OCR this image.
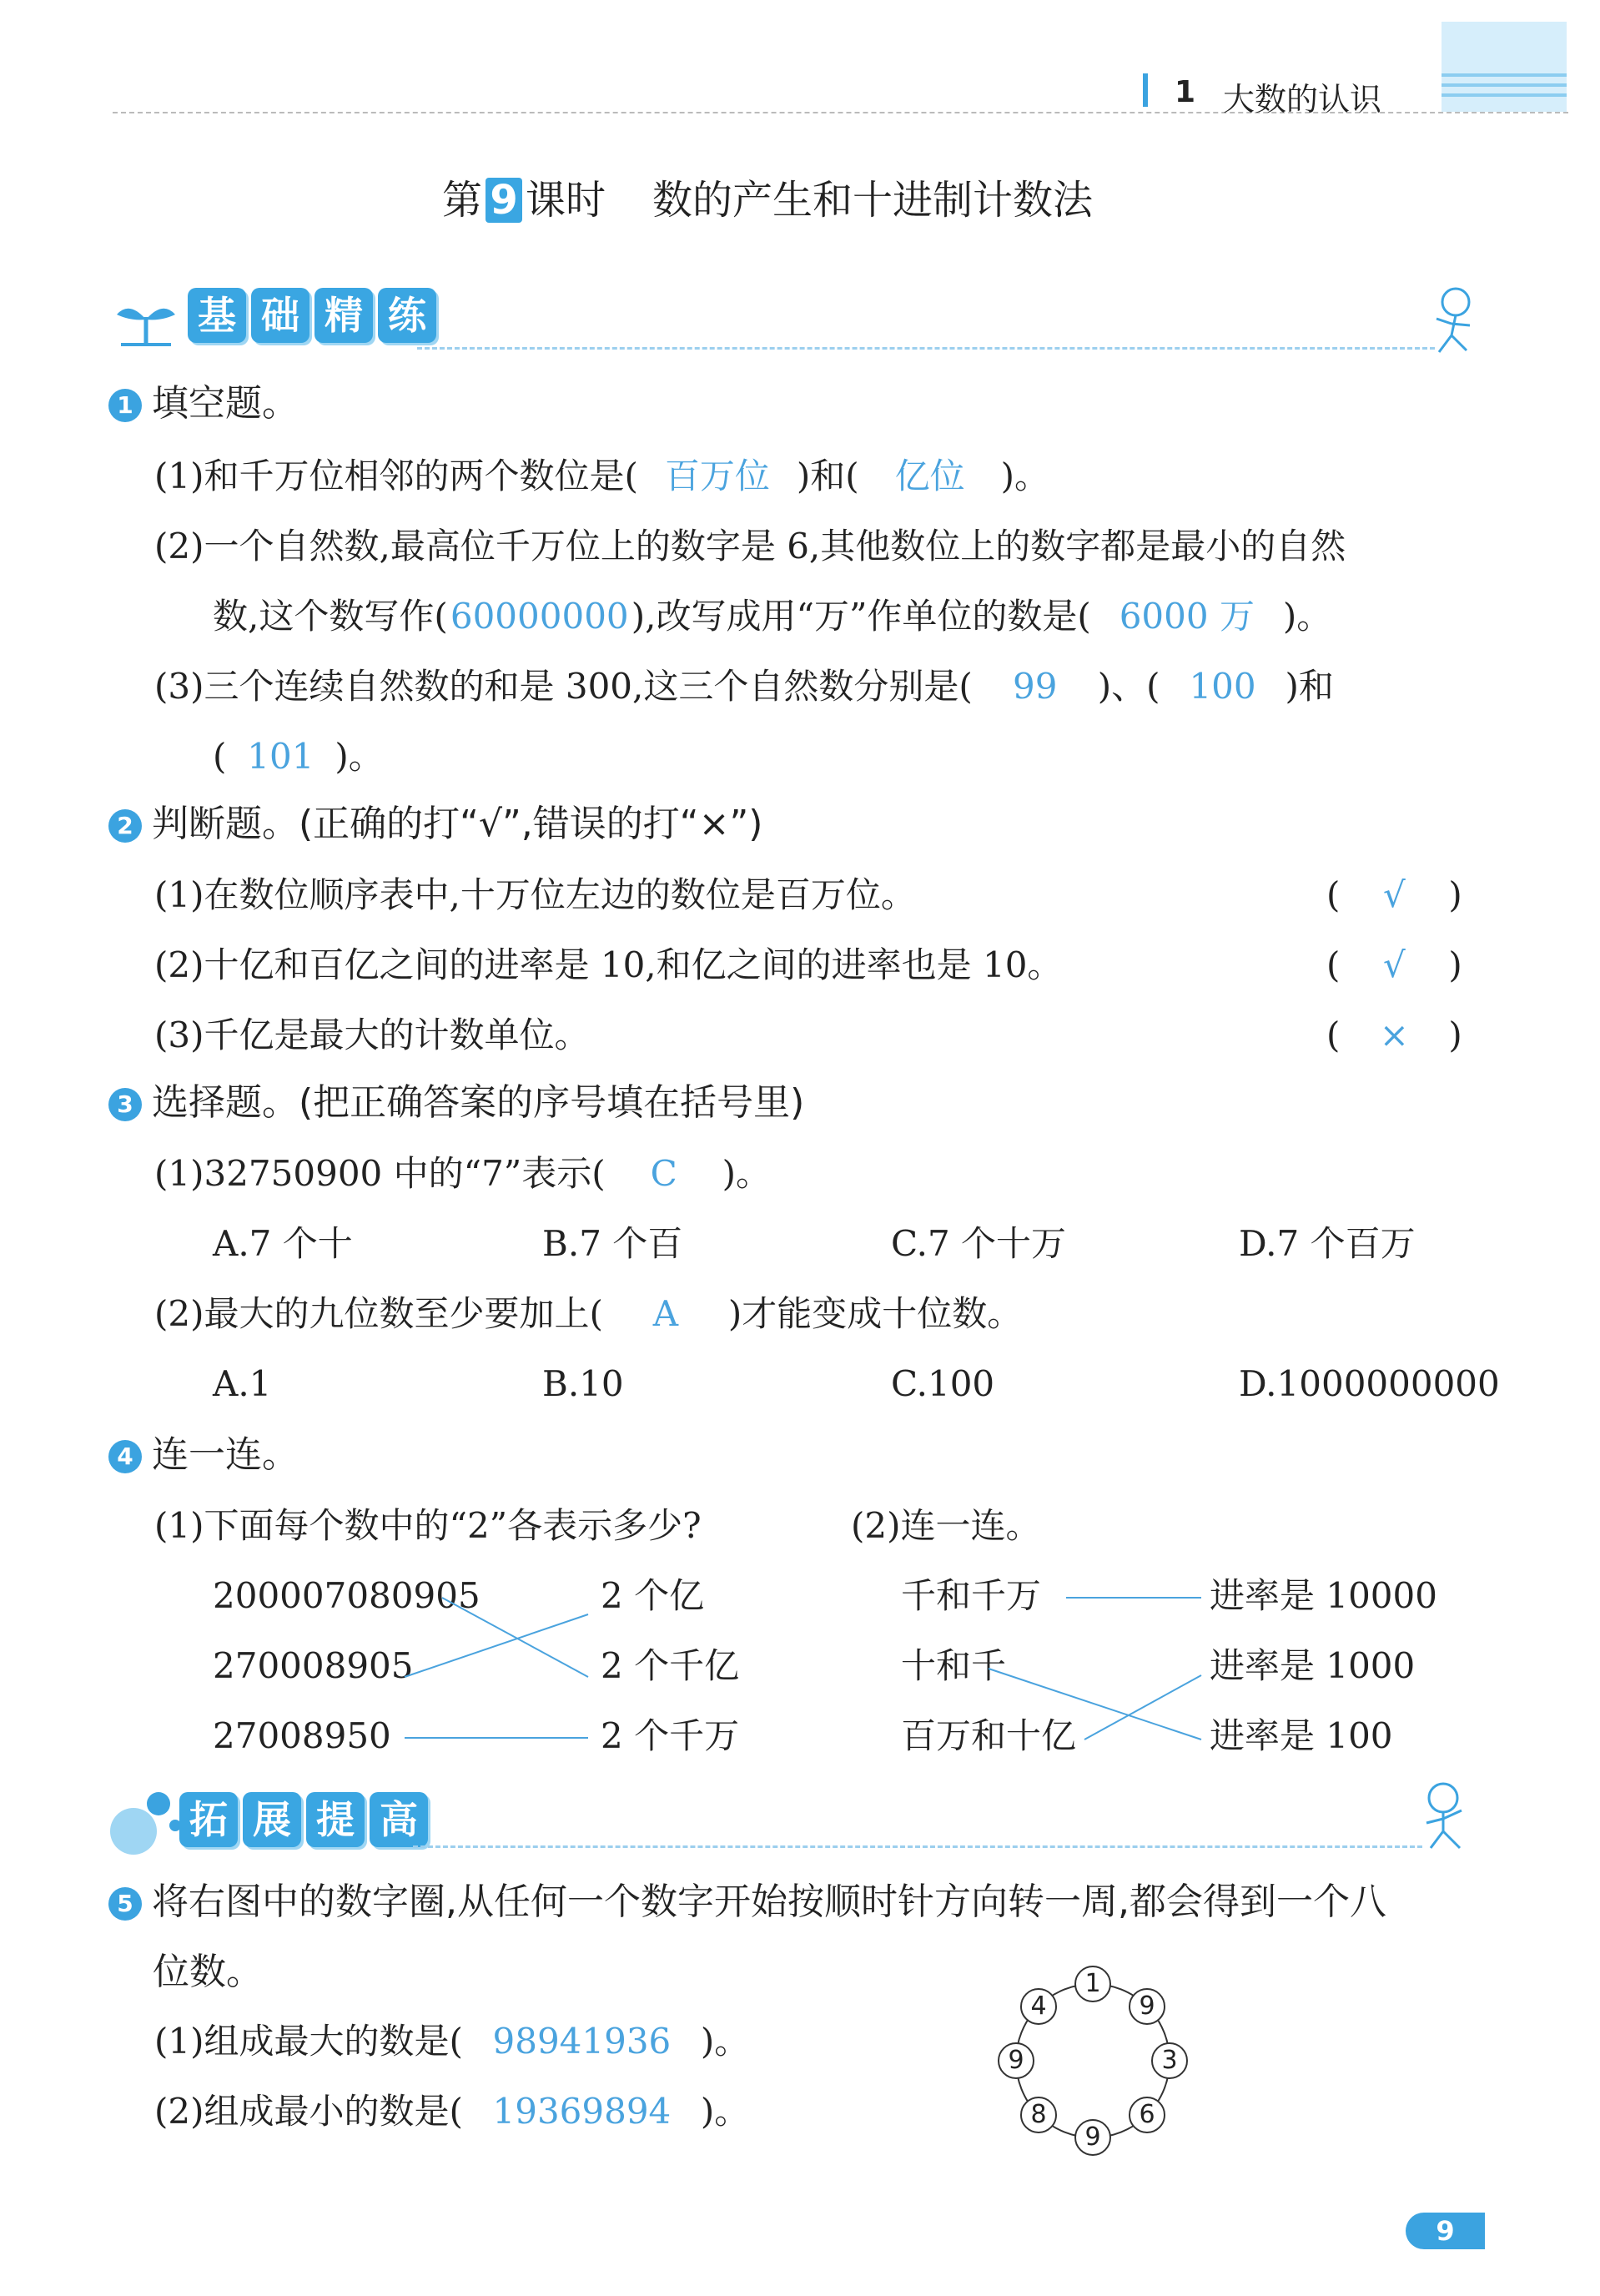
1 大数的认识
第 9 课时 数的产生和十进制计数法
基 础 精 练
1 填空题。
(1)和千万位相邻的两个数位是( 百万位 )和( 亿位 )。
(2)一个自然数,最高位千万位上的数字是 6,其他数位上的数字都是最小的自然
数,这个数写作(60000000),改写成用“万”作单位的数是( 6000 万 )。
(3)三个连续自然数的和是 300,这三个自然数分别是( 99 )、( 100 )和
( 101 )。
2 判断题。(正确的打“√”,错误的打“×”)
(1)在数位顺序表中,十万位左边的数位是百万位。	( √ )
(2)十亿和百亿之间的进率是 10,和亿之间的进率也是 10。	( √ )
(3)千亿是最大的计数单位。	( × )
3 选择题。(把正确答案的序号填在括号里)
(1)32750900 中的“7”表示( C )。
A.7 个十	B.7 个百	C.7 个十万	D.7 个百万
(2)最大的九位数至少要加上( A )才能变成十位数。
A.1	B.10	C.100	D.1000000000
4 连一连。
(1)下面每个数中的“2”各表示多少?	(2)连一连。
200007080905
270008905
27008950
2 个亿
2 个千亿
2 个千万
千和千万
十和千
百万和十亿
进率是 10000
进率是 1000
进率是 100
拓 展 提 高
5 将右图中的数字圈,从任何一个数字开始按顺时针方向转一周,都会得到一个八
位数。
(1)组成最大的数是( 98941936 )。
(2)组成最小的数是( 19369894 )。
1
9
3
6
9
8
9
4
9
